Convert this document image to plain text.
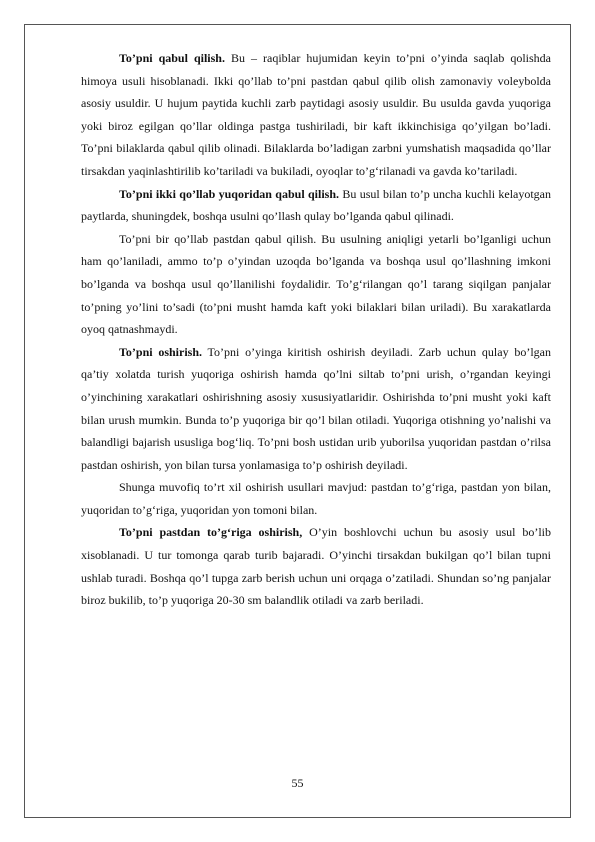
To’pni qabul qilish. Bu – raqiblar hujumidan keyin to’pni o’yinda saqlab qolishda himoya usuli hisoblanadi. Ikki qo’llab to’pni pastdan qabul qilib olish zamonaviy voleybolda asosiy usuldir. U hujum paytida kuchli zarb paytidagi asosiy usuldir. Bu usulda gavda yuqoriga yoki biroz egilgan qo’llar oldinga pastga tushiriladi, bir kaft ikkinchisiga qo’yilgan bo’ladi. To’pni bilaklarda qabul qilib olinadi. Bilaklarda bo’ladigan zarbni yumshatish maqsadida qo’llar tirsakdan yaqinlashtirilib ko’tariladi va bukiladi, oyoqlar to’g‘rilanadi va gavda ko’tariladi.

To’pni ikki qo’llab yuqoridan qabul qilish. Bu usul bilan to’p uncha kuchli kelayotgan paytlarda, shuningdek, boshqa usulni qo’llash qulay bo’lganda qabul qilinadi.

To’pni bir qo’llab pastdan qabul qilish. Bu usulning aniqligi yetarli bo’lganligi uchun ham qo’laniladi, ammo to’p o’yindan uzoqda bo’lganda va boshqa usul qo’llashning imkoni bo’lganda va boshqa usul qo’llanilishi foydalidir. To’g‘rilangan qo’l tarang siqilgan panjalar to’pning yo’lini to’sadi (to’pni musht hamda kaft yoki bilaklari bilan uriladi). Bu xarakatlarda oyoq qatnashmaydi.

To’pni oshirish. To’pni o’yinga kiritish oshirish deyiladi. Zarb uchun qulay bo’lgan qa’tiy xolatda turish yuqoriga oshirish hamda qo’lni siltab to’pni urish, o’rgandan keyingi o’yinchining xarakatlari oshirishning asosiy xususiyatlaridir. Oshirishda to’pni musht yoki kaft bilan urush mumkin. Bunda to’p yuqoriga bir qo’l bilan otiladi. Yuqoriga otishning yo’nalishi va balandligi bajarish ususliga bog‘liq. To’pni bosh ustidan urib yuborilsa yuqoridan pastdan o’rilsa pastdan oshirish, yon bilan tursa yonlamasiga to’p oshirish deyiladi.

Shunga muvofiq to’rt xil oshirish usullari mavjud: pastdan to’g‘riga, pastdan yon bilan, yuqoridan to’g‘riga, yuqoridan yon tomoni bilan.

To’pni pastdan to’g‘riga oshirish, O’yin boshlovchi uchun bu asosiy usul bo’lib xisoblanadi. U tur tomonga qarab turib bajaradi. O’yinchi tirsakdan bukilgan qo’l bilan tupni ushlab turadi. Boshqa qo’l tupga zarb berish uchun uni orqaga o’zatiladi. Shundan so’ng panjalar biroz bukilib, to’p yuqoriga 20-30 sm balandlik otiladi va zarb beriladi.

55
